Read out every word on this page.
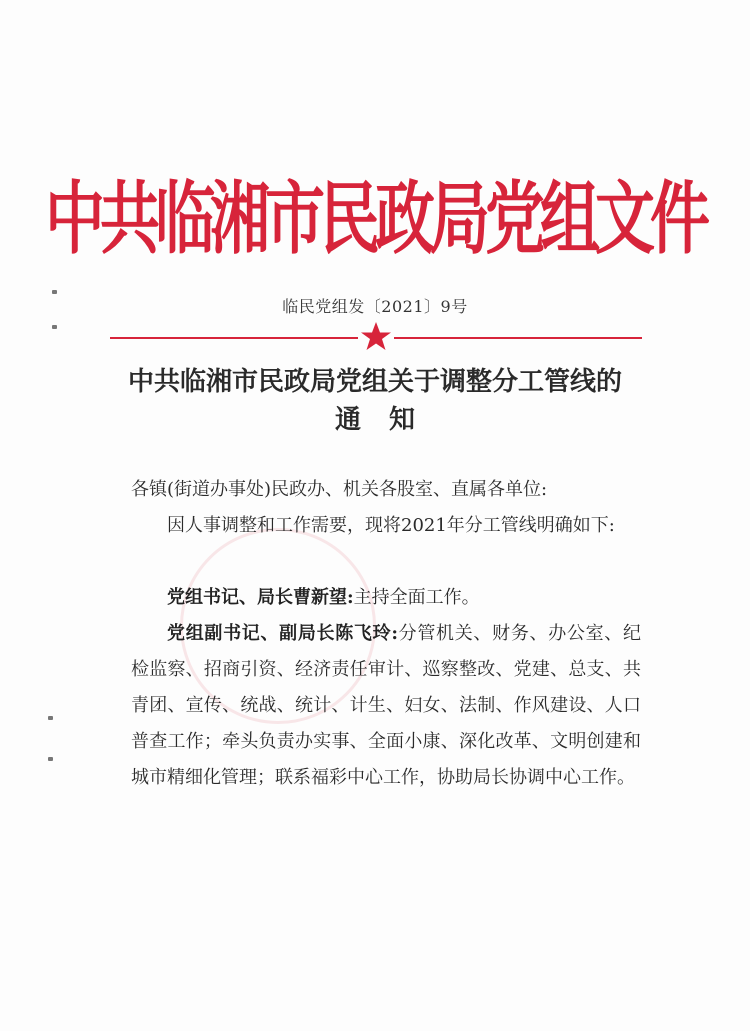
中共临湘市民政局党组文件
临民党组发〔2021〕9号
中共临湘市民政局党组关于调整分工管线的
通知
各镇(街道办事处)民政办、机关各股室、直属各单位:
因人事调整和工作需要，现将2021年分工管线明确如下:
党组书记、局长曹新望:主持全面工作。
党组副书记、副局长陈飞玲:分管机关、财务、办公室、纪检监察、招商引资、经济责任审计、巡察整改、党建、总支、共青团、宣传、统战、统计、计生、妇女、法制、作风建设、人口普查工作；牵头负责办实事、全面小康、深化改革、文明创建和城市精细化管理；联系福彩中心工作，协助局长协调中心工作。
